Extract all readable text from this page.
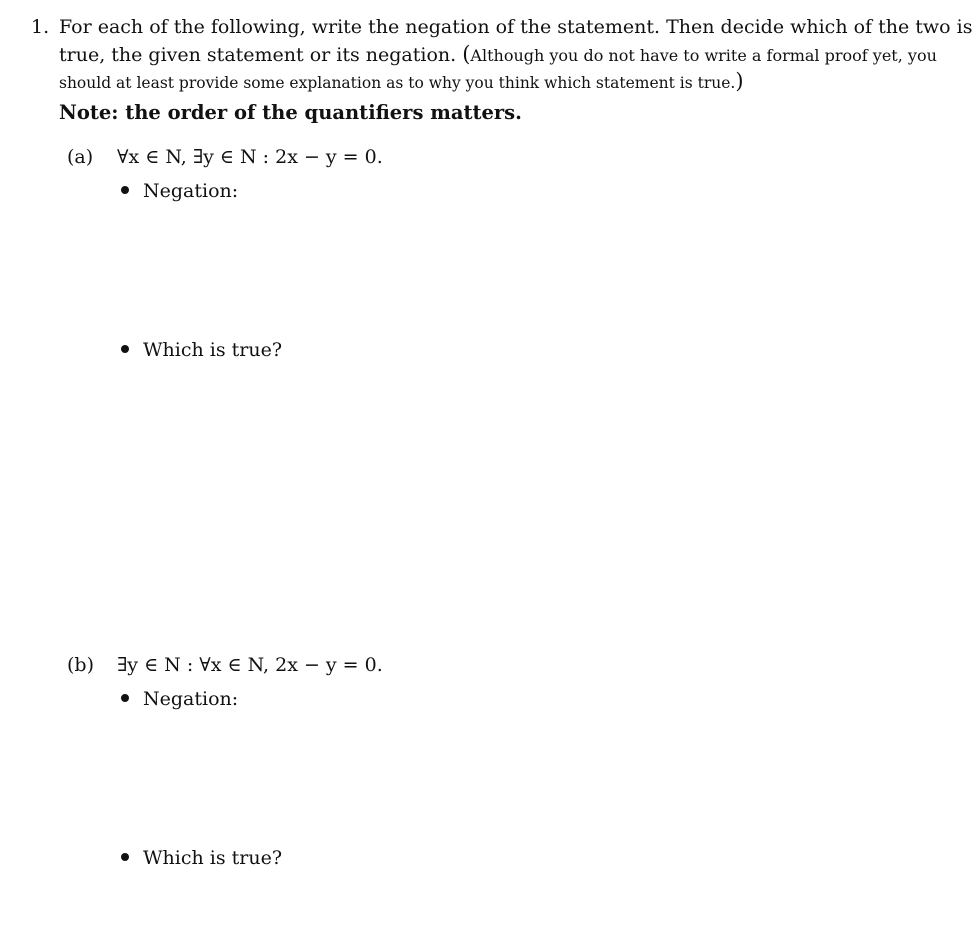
1. For each of the following, write the negation of the statement. Then decide which of the two is
true, the given statement or its negation. (Although you do not have to write a formal proof yet, you
should at least provide some explanation as to why you think which statement is true.)
Note: the order of the quantifiers matters.
(a) ∀x ∈ N, ∃y ∈ N : 2x − y = 0.
Negation:
Which is true?
(b) ∃y ∈ N : ∀x ∈ N, 2x − y = 0.
Negation:
Which is true?
